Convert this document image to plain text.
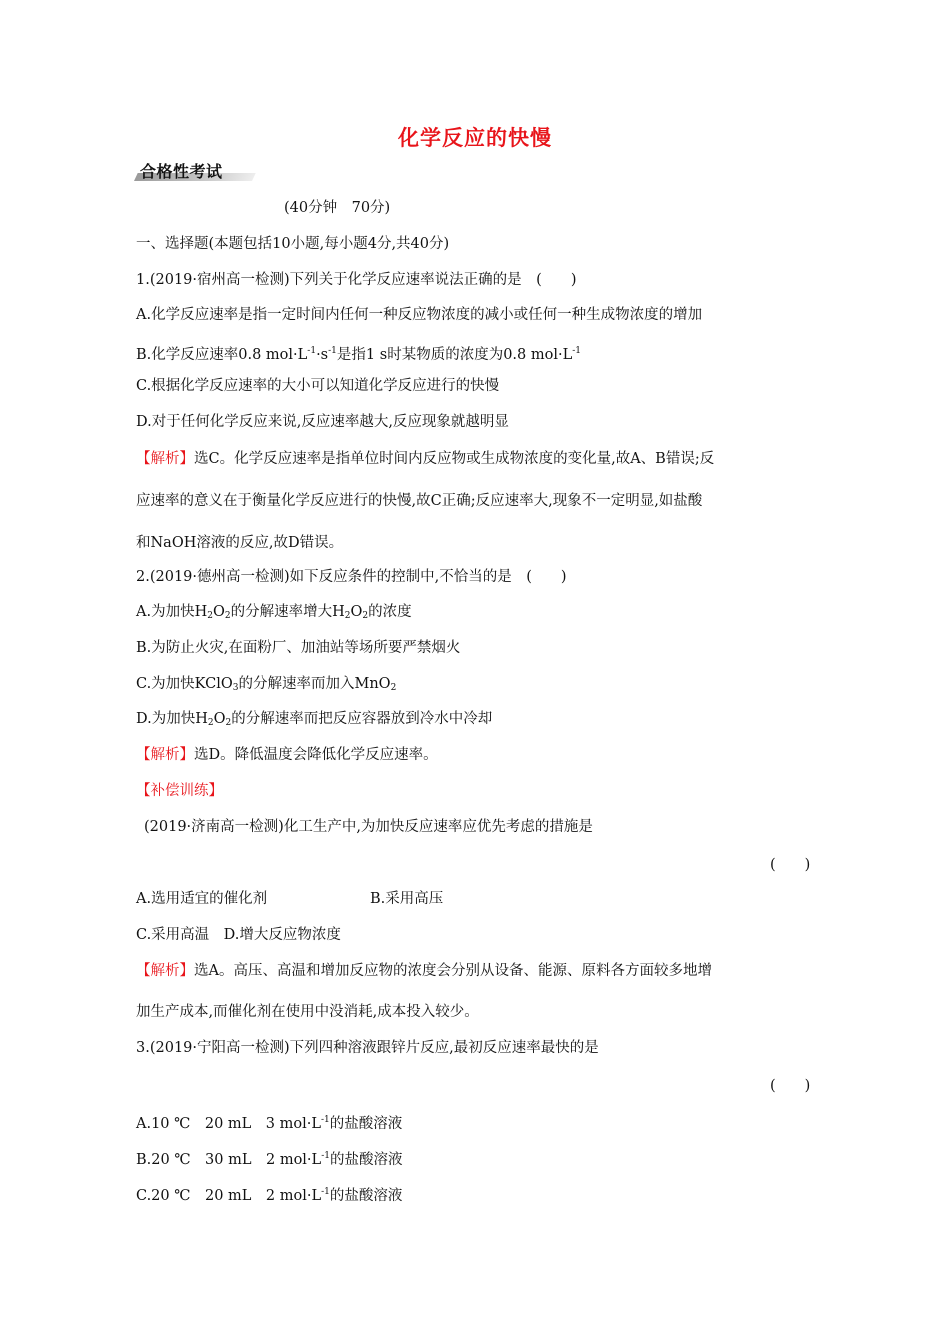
化学反应的快慢
合格性考试
(40分钟　70分)
一、选择题(本题包括10小题,每小题4分,共40分)
1.(2019·宿州高一检测)下列关于化学反应速率说法正确的是　(　　)
A.化学反应速率是指一定时间内任何一种反应物浓度的减小或任何一种生成物浓度的增加
B.化学反应速率0.8 $mol\cdot L^{-1}\cdot s^{-1}$是指1 s时某物质的浓度为0.8 $mol\cdot L^{-1}$
C.根据化学反应速率的大小可以知道化学反应进行的快慢
D.对于任何化学反应来说,反应速率越大,反应现象就越明显
【解析】选C。化学反应速率是指单位时间内反应物或生成物浓度的变化量,故A、B错误;反
应速率的意义在于衡量化学反应进行的快慢,故C正确;反应速率大,现象不一定明显,如盐酸
和NaOH溶液的反应,故D错误。
2.(2019·德州高一检测)如下反应条件的控制中,不恰当的是　(　　)
A.为加快$H_2O_2$的分解速率增大$H_2O_2$的浓度
B.为防止火灾,在面粉厂、加油站等场所要严禁烟火
C.为加快KClO$_3$的分解速率而加入MnO$_2$
D.为加快$H_2O_2$的分解速率而把反应容器放到冷水中冷却
【解析】选D。降低温度会降低化学反应速率。
【补偿训练】
(2019·济南高一检测)化工生产中,为加快反应速率应优先考虑的措施是
(　　)
A.选用适宜的催化剂	B.采用高压
C.采用高温　D.增大反应物浓度
【解析】选A。高压、高温和增加反应物的浓度会分别从设备、能源、原料各方面较多地增
加生产成本,而催化剂在使用中没消耗,成本投入较少。
3.(2019·宁阳高一检测)下列四种溶液跟锌片反应,最初反应速率最快的是
(　　)
A.10 ℃　20 mL　3 $mol\cdot L^{-1}$的盐酸溶液
B.20 ℃　30 mL　2 $mol\cdot L^{-1}$的盐酸溶液
C.20 ℃　20 mL　2 $mol\cdot L^{-1}$的盐酸溶液
